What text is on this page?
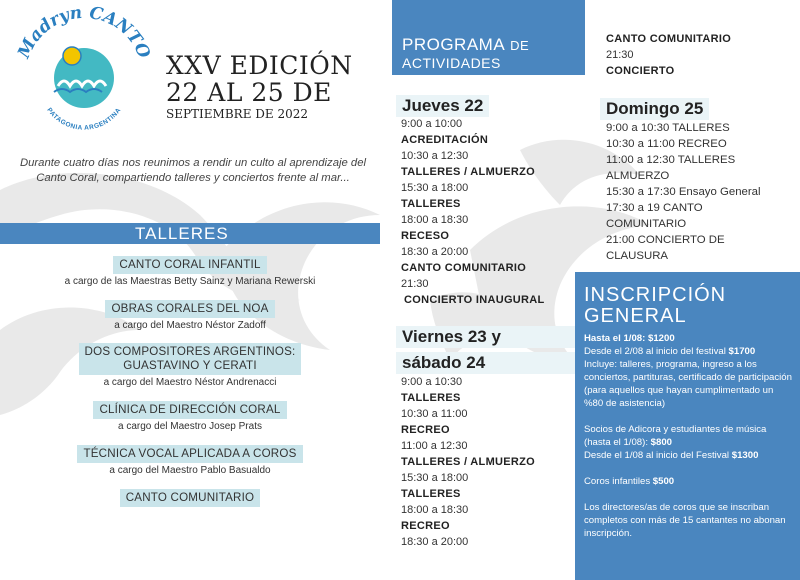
Madryn CANTO
PATAGONIA ARGENTINA
XXV EDICIÓN
22 AL 25 DE
SEPTIEMBRE DE 2022
Durante cuatro días nos reunimos a rendir un culto al aprendizaje del Canto Coral, compartiendo talleres y conciertos frente al mar...
TALLERES
CANTO CORAL INFANTIL
a cargo de las Maestras Betty Sainz y Mariana Rewerski
OBRAS CORALES DEL NOA
a cargo del Maestro Néstor Zadoff
DOS COMPOSITORES ARGENTINOS:
GUASTAVINO Y CERATI
a cargo del Maestro Néstor Andrenacci
CLÍNICA DE DIRECCIÓN CORAL
a cargo del Maestro Josep Prats
TÉCNICA VOCAL APLICADA A COROS
a cargo del Maestro Pablo Basualdo
CANTO COMUNITARIO
PROGRAMA DE
ACTIVIDADES
Jueves 22
9:00 a 10:00
ACREDITACIÓN
10:30 a 12:30
TALLERES / ALMUERZO
15:30 a 18:00
TALLERES
18:00 a 18:30
RECESO
18:30 a 20:00
CANTO COMUNITARIO
21:30
CONCIERTO INAUGURAL
Viernes 23 y
sábado 24
9:00 a 10:30
TALLERES
10:30 a 11:00
RECREO
11:00 a 12:30
TALLERES / ALMUERZO
15:30 a 18:00
TALLERES
18:00 a 18:30
RECREO
18:30 a 20:00
CANTO COMUNITARIO
21:30
CONCIERTO
Domingo 25
9:00 a 10:30 TALLERES
10:30 a 11:00 RECREO
11:00 a 12:30 TALLERES
ALMUERZO
15:30 a 17:30 Ensayo General
17:30 a 19 CANTO
COMUNITARIO
21:00 CONCIERTO DE
CLAUSURA
INSCRIPCIÓN
GENERAL

Hasta el 1/08: $1200

Desde el 2/08 al inicio del festival $1700

Incluye: talleres, programa, ingreso a los conciertos, partituras, certificado de participación (para aquellos que hayan cumplimentado un %80 de asistencia)

Socios de Adicora y estudiantes de música (hasta el 1/08): $800

Desde el 1/08 al inicio del Festival $1300

Coros infantiles $500

Los directores/as de coros que se inscriban completos con más de 15 cantantes no abonan inscripción.
